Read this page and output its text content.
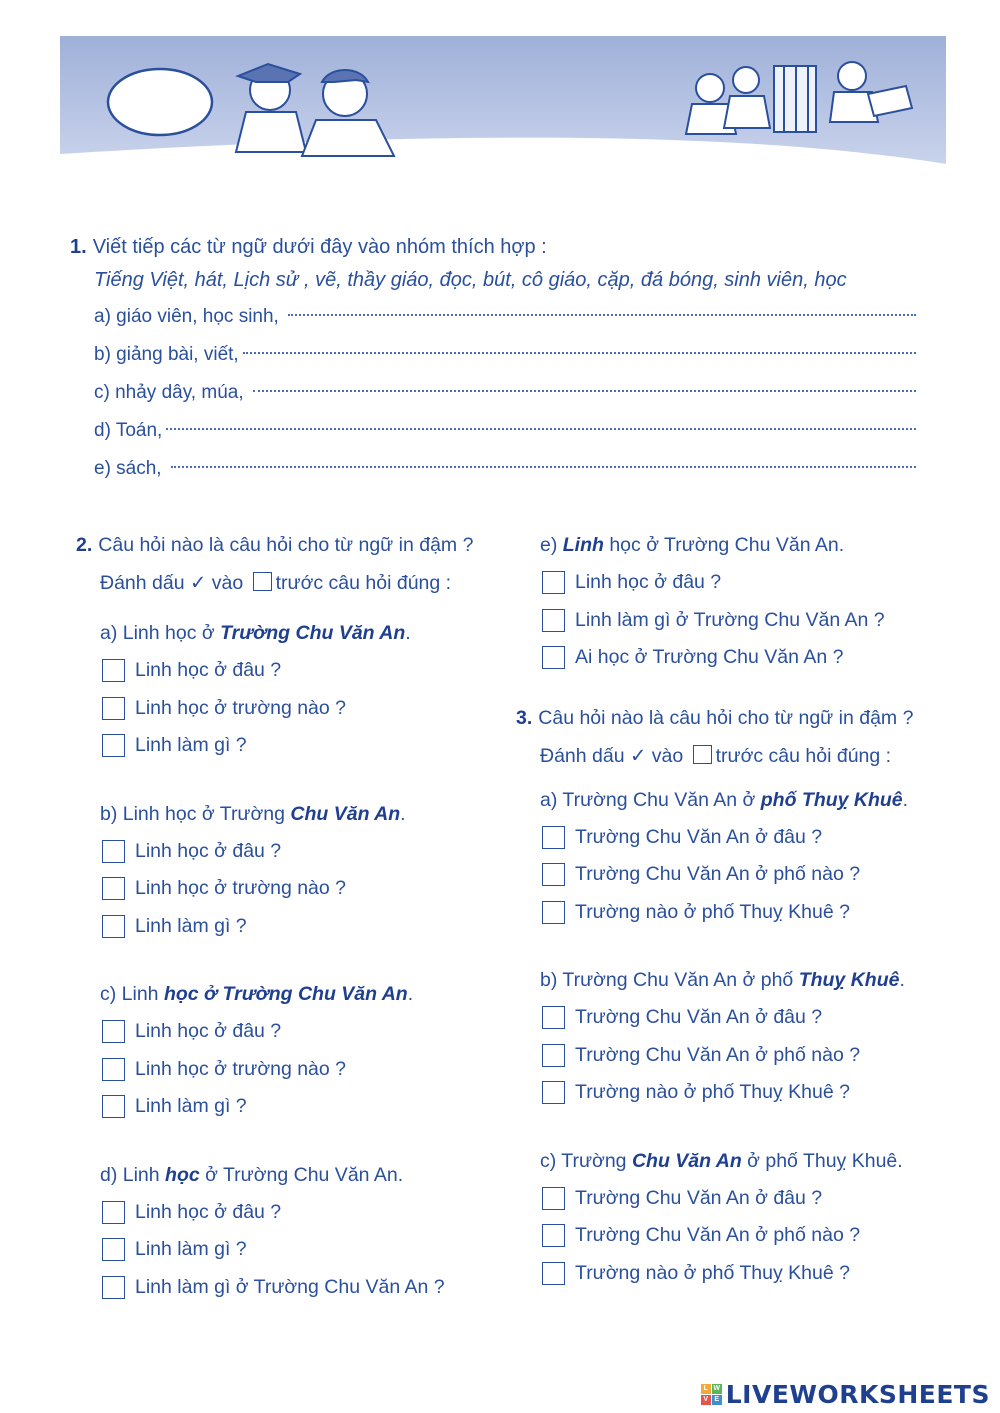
1. Viết tiếp các từ ngữ dưới đây vào nhóm thích hợp :
Tiếng Việt, hát, Lịch sử , vẽ, thầy giáo, đọc, bút, cô giáo, cặp, đá bóng, sinh viên, học
a) giáo viên, học sinh,
b) giảng bài, viết,
c) nhảy dây, múa,
d) Toán,
e) sách,
2. Câu hỏi nào là câu hỏi cho từ ngữ in đậm ?
Đánh dấu ✓ vào trước câu hỏi đúng :
a) Linh học ở Trường Chu Văn An.
Linh học ở đâu ?
Linh học ở trường nào ?
Linh làm gì ?
b) Linh học ở Trường Chu Văn An.
Linh học ở đâu ?
Linh học ở trường nào ?
Linh làm gì ?
c) Linh học ở Trường Chu Văn An.
Linh học ở đâu ?
Linh học ở trường nào ?
Linh làm gì ?
d) Linh học ở Trường Chu Văn An.
Linh học ở đâu ?
Linh làm gì ?
Linh làm gì ở Trường Chu Văn An ?
e) Linh học ở Trường Chu Văn An.
Linh học ở đâu ?
Linh làm gì ở Trường Chu Văn An ?
Ai học ở Trường Chu Văn An ?
3. Câu hỏi nào là câu hỏi cho từ ngữ in đậm ?
Đánh dấu ✓ vào trước câu hỏi đúng :
a) Trường Chu Văn An ở phố Thuỵ Khuê.
Trường Chu Văn An ở đâu ?
Trường Chu Văn An ở phố nào ?
Trường nào ở phố Thuỵ Khuê ?
b) Trường Chu Văn An ở phố Thuỵ Khuê.
Trường Chu Văn An ở đâu ?
Trường Chu Văn An ở phố nào ?
Trường nào ở phố Thuỵ Khuê ?
c) Trường Chu Văn An ở phố Thuỵ Khuê.
Trường Chu Văn An ở đâu ?
Trường Chu Văn An ở phố nào ?
Trường nào ở phố Thuỵ Khuê ?
L W
V E LIVEWORKSHEETS
